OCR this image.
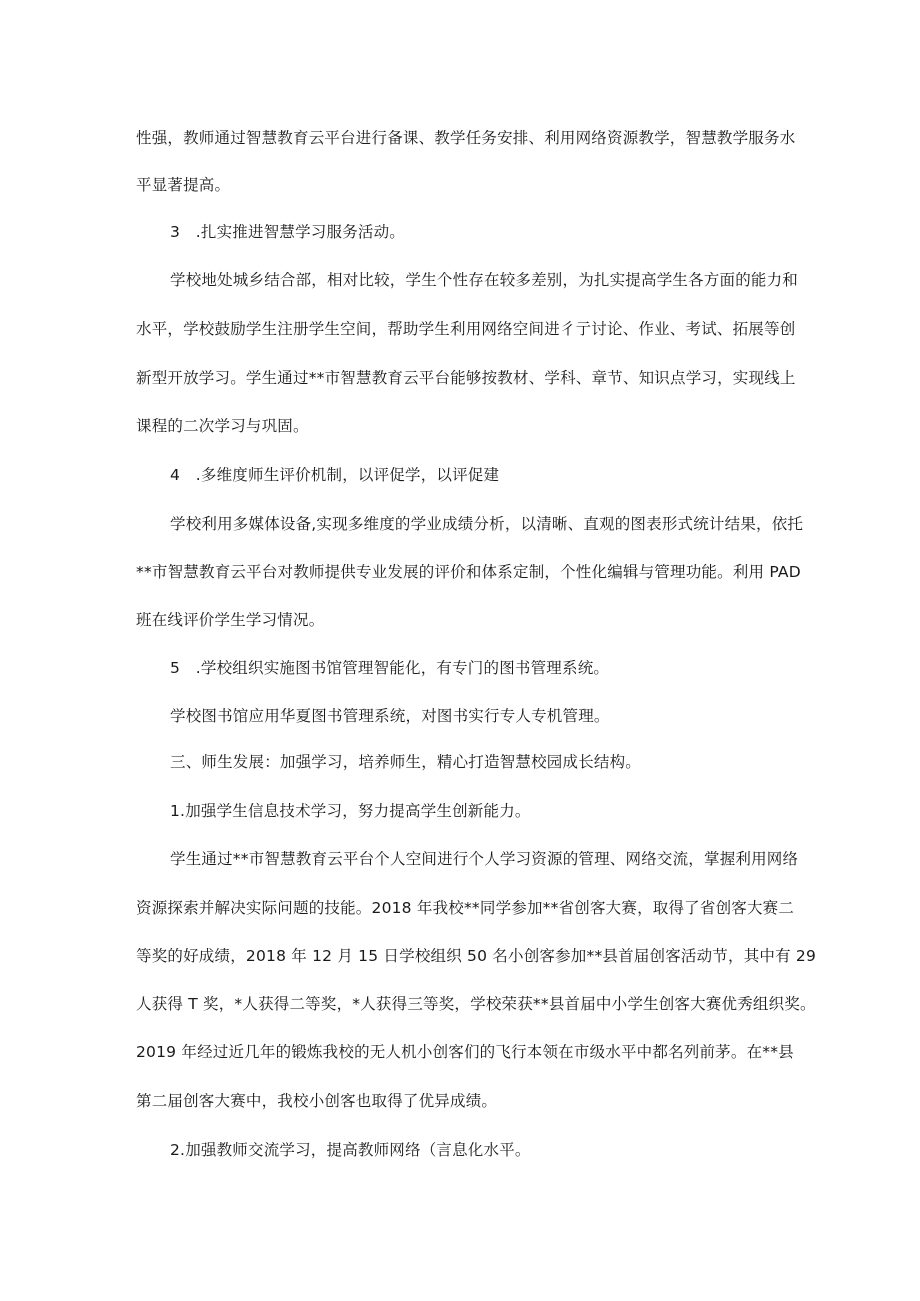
性强，教师通过智慧教育云平台进行备课、教学任务安排、利用网络资源教学，智慧教学服务水
平显著提高。
3　.扎实推进智慧学习服务活动。
学校地处城乡结合部，相对比较，学生个性存在较多差别，为扎实提高学生各方面的能力和
水平，学校鼓励学生注册学生空间，帮助学生利用网络空间进彳亍讨论、作业、考试、拓展等创
新型开放学习。学生通过**市智慧教育云平台能够按教材、学科、章节、知识点学习，实现线上
课程的二次学习与巩固。
4　.多维度师生评价机制，以评促学，以评促建
学校利用多媒体设备,实现多维度的学业成绩分析，以清晰、直观的图表形式统计结果，依托
**市智慧教育云平台对教师提供专业发展的评价和体系定制，个性化编辑与管理功能。利用 PAD
班在线评价学生学习情况。
5　.学校组织实施图书馆管理智能化，有专门的图书管理系统。
学校图书馆应用华夏图书管理系统，对图书实行专人专机管理。
三、师生发展：加强学习，培养师生，精心打造智慧校园成长结构。
1.加强学生信息技术学习，努力提高学生创新能力。
学生通过**市智慧教育云平台个人空间进行个人学习资源的管理、网络交流，掌握利用网络
资源探索并解决实际问题的技能。2018 年我校**同学参加**省创客大赛，取得了省创客大赛二
等奖的好成绩，2018 年 12 月 15 日学校组织 50 名小创客参加**县首届创客活动节，其中有 29
人获得 T 奖，*人获得二等奖，*人获得三等奖，学校荣获**县首届中小学生创客大赛优秀组织奖。
2019 年经过近几年的锻炼我校的无人机小创客们的飞行本领在市级水平中都名列前茅。在**县
第二届创客大赛中，我校小创客也取得了优异成绩。
2.加强教师交流学习，提高教师网络（言息化水平。
